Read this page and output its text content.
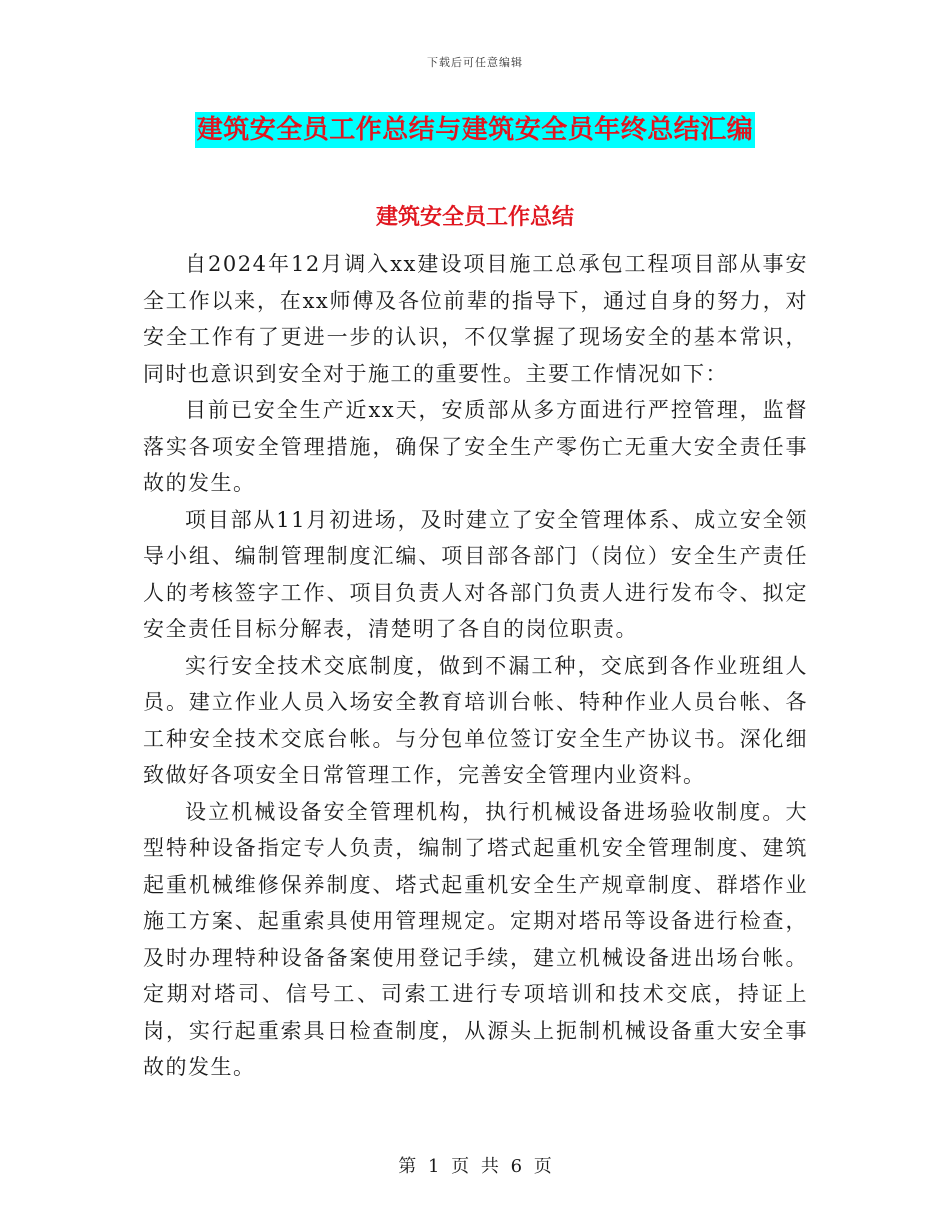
下载后可任意编辑
建筑安全员工作总结与建筑安全员年终总结汇编
建筑安全员工作总结

自2024年12月调入xx建设项目施工总承包工程项目部从事安全工作以来，在xx师傅及各位前辈的指导下，通过自身的努力，对安全工作有了更进一步的认识，不仅掌握了现场安全的基本常识，同时也意识到安全对于施工的重要性。主要工作情况如下：

目前已安全生产近xx天，安质部从多方面进行严控管理，监督落实各项安全管理措施，确保了安全生产零伤亡无重大安全责任事故的发生。

项目部从11月初进场，及时建立了安全管理体系、成立安全领导小组、编制管理制度汇编、项目部各部门（岗位）安全生产责任人的考核签字工作、项目负责人对各部门负责人进行发布令、拟定安全责任目标分解表，清楚明了各自的岗位职责。

实行安全技术交底制度，做到不漏工种，交底到各作业班组人员。建立作业人员入场安全教育培训台帐、特种作业人员台帐、各工种安全技术交底台帐。与分包单位签订安全生产协议书。深化细致做好各项安全日常管理工作，完善安全管理内业资料。

设立机械设备安全管理机构，执行机械设备进场验收制度。大型特种设备指定专人负责，编制了塔式起重机安全管理制度、建筑起重机械维修保养制度、塔式起重机安全生产规章制度、群塔作业施工方案、起重索具使用管理规定。定期对塔吊等设备进行检查，及时办理特种设备备案使用登记手续，建立机械设备进出场台帐。定期对塔司、信号工、司索工进行专项培训和技术交底，持证上岗，实行起重索具日检查制度，从源头上扼制机械设备重大安全事故的发生。

第 1 页 共 6 页
